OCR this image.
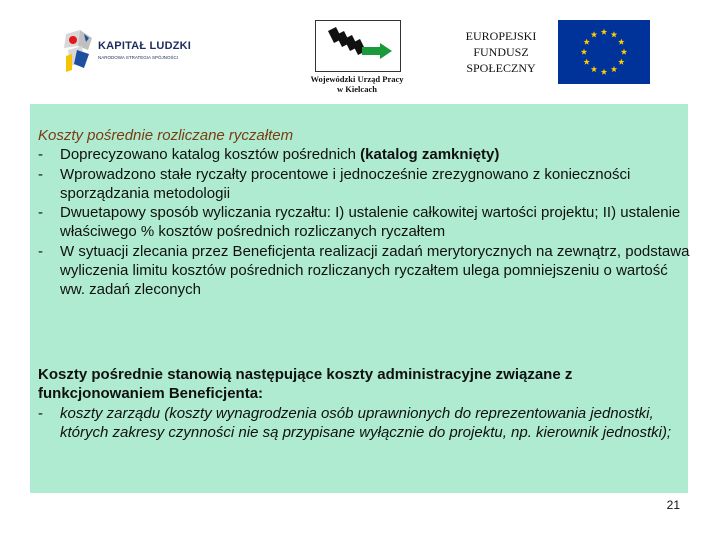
KAPITAŁ LUDZKI
NARODOWA STRATEGIA SPÓJNOŚCI
Wojewódzki Urząd Pracy
w Kielcach
EUROPEJSKI
FUNDUSZ
SPOŁECZNY
Koszty pośrednie rozliczane ryczałtem
-	Doprecyzowano katalog kosztów pośrednich (katalog zamknięty)
-	Wprowadzono stałe ryczałty procentowe i jednocześnie zrezygnowano z konieczności sporządzania metodologii
-	Dwuetapowy sposób wyliczania ryczałtu: I) ustalenie całkowitej wartości projektu; II) ustalenie właściwego % kosztów pośrednich rozliczanych ryczałtem
-	W sytuacji zlecania przez Beneficjenta realizacji zadań merytorycznych na zewnątrz, podstawa wyliczenia limitu kosztów pośrednich rozliczanych ryczałtem ulega pomniejszeniu o wartość ww. zadań zleconych
Koszty pośrednie stanowią następujące koszty administracyjne związane z funkcjonowaniem Beneficjenta:
-	koszty zarządu (koszty wynagrodzenia osób uprawnionych do reprezentowania jednostki, których zakresy czynności nie są przypisane wyłącznie do projektu, np. kierownik jednostki);
21
